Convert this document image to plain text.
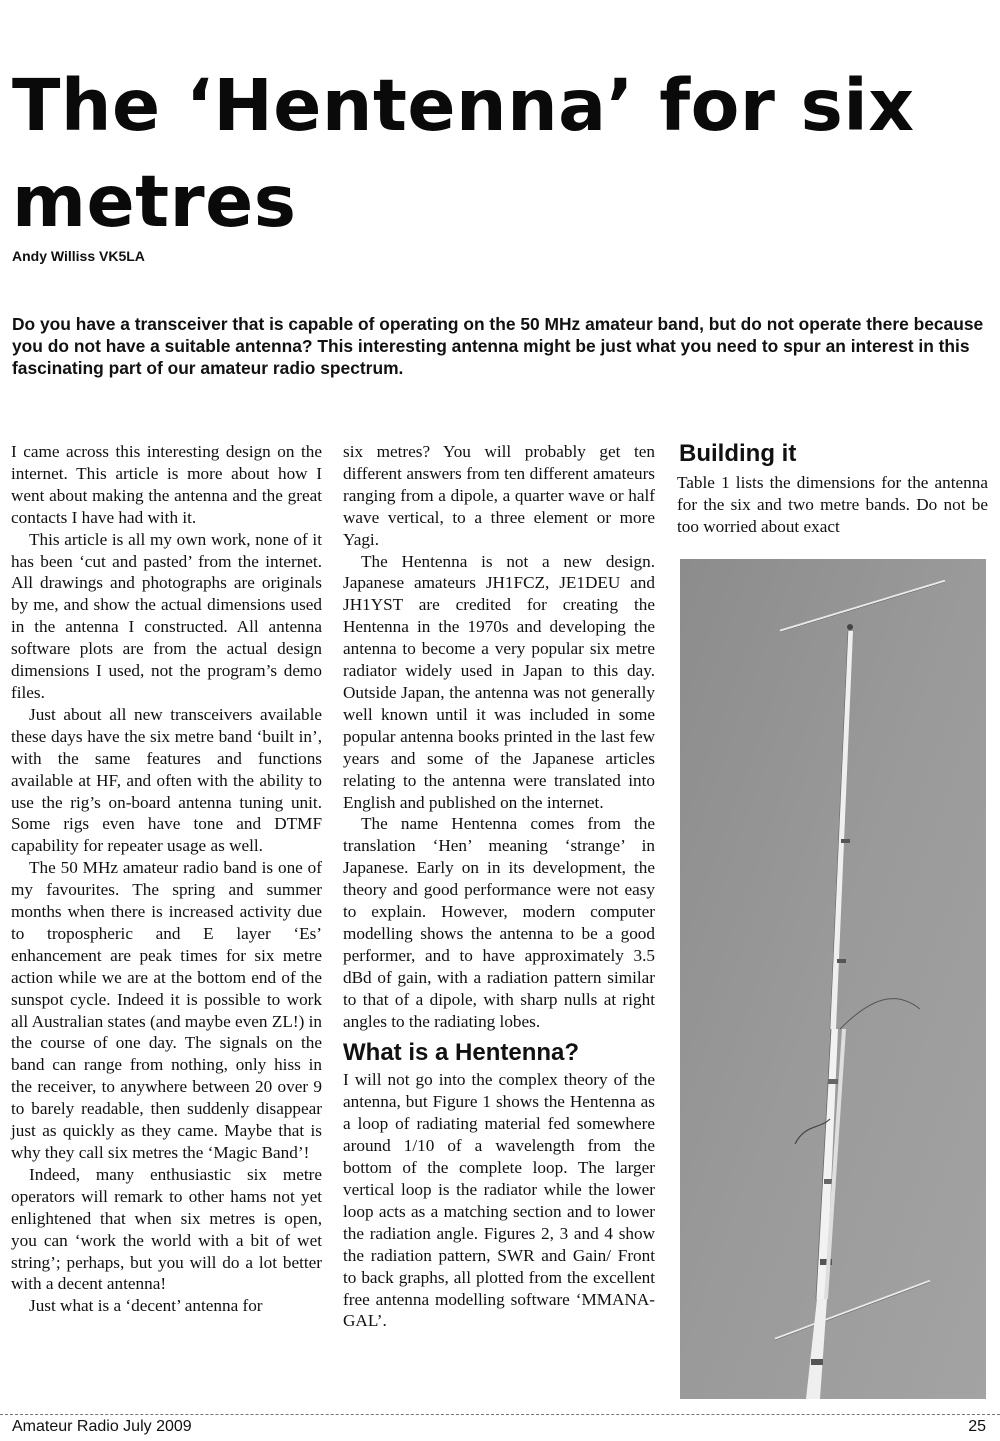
The ‘Hentenna’ for six metres
Andy Williss VK5LA

Do you have a transceiver that is capable of operating on the 50 MHz amateur band, but do not operate there because you do not have a suitable antenna? This interesting antenna might be just what you need to spur an interest in this fascinating part of our amateur radio spectrum.

I came across this interesting design on the internet. This article is more about how I went about making the antenna and the great contacts I have had with it.

This article is all my own work, none of it has been ‘cut and pasted’ from the internet. All drawings and photographs are originals by me, and show the actual dimensions used in the antenna I constructed. All antenna software plots are from the actual design dimensions I used, not the program’s demo files.

Just about all new transceivers available these days have the six metre band ‘built in’, with the same features and functions available at HF, and often with the ability to use the rig’s on-board antenna tuning unit. Some rigs even have tone and DTMF capability for repeater usage as well.

The 50 MHz amateur radio band is one of my favourites. The spring and summer months when there is increased activity due to tropospheric and E layer ‘Es’ enhancement are peak times for six metre action while we are at the bottom end of the sunspot cycle. Indeed it is possible to work all Australian states (and maybe even ZL!) in the course of one day. The signals on the band can range from nothing, only hiss in the receiver, to anywhere between 20 over 9 to barely readable, then suddenly disappear just as quickly as they came. Maybe that is why they call six metres the ‘Magic Band’!

Indeed, many enthusiastic six metre operators will remark to other hams not yet enlightened that when six metres is open, you can ‘work the world with a bit of wet string’; perhaps, but you will do a lot better with a decent antenna!

Just what is a ‘decent’ antenna for

six metres? You will probably get ten different answers from ten different amateurs ranging from a dipole, a quarter wave or half wave vertical, to a three element or more Yagi.

The Hentenna is not a new design. Japanese amateurs JH1FCZ, JE1DEU and JH1YST are credited for creating the Hentenna in the 1970s and developing the antenna to become a very popular six metre radiator widely used in Japan to this day. Outside Japan, the antenna was not generally well known until it was included in some popular antenna books printed in the last few years and some of the Japanese articles relating to the antenna were translated into English and published on the internet.

The name Hentenna comes from the translation ‘Hen’ meaning ‘strange’ in Japanese. Early on in its development, the theory and good performance were not easy to explain. However, modern computer modelling shows the antenna to be a good performer, and to have approximately 3.5 dBd of gain, with a radiation pattern similar to that of a dipole, with sharp nulls at right angles to the radiating lobes.

What is a Hentenna?

I will not go into the complex theory of the antenna, but Figure 1 shows the Hentenna as a loop of radiating material fed somewhere around 1/10 of a wavelength from the bottom of the complete loop. The larger vertical loop is the radiator while the lower loop acts as a matching section and to lower the radiation angle. Figures 2, 3 and 4 show the radiation pattern, SWR and Gain/ Front to back graphs, all plotted from the excellent free antenna modelling software ‘MMANA-GAL’.

Building it

Table 1 lists the dimensions for the antenna for the six and two metre bands. Do not be too worried about exact

Amateur Radio July 2009	25
